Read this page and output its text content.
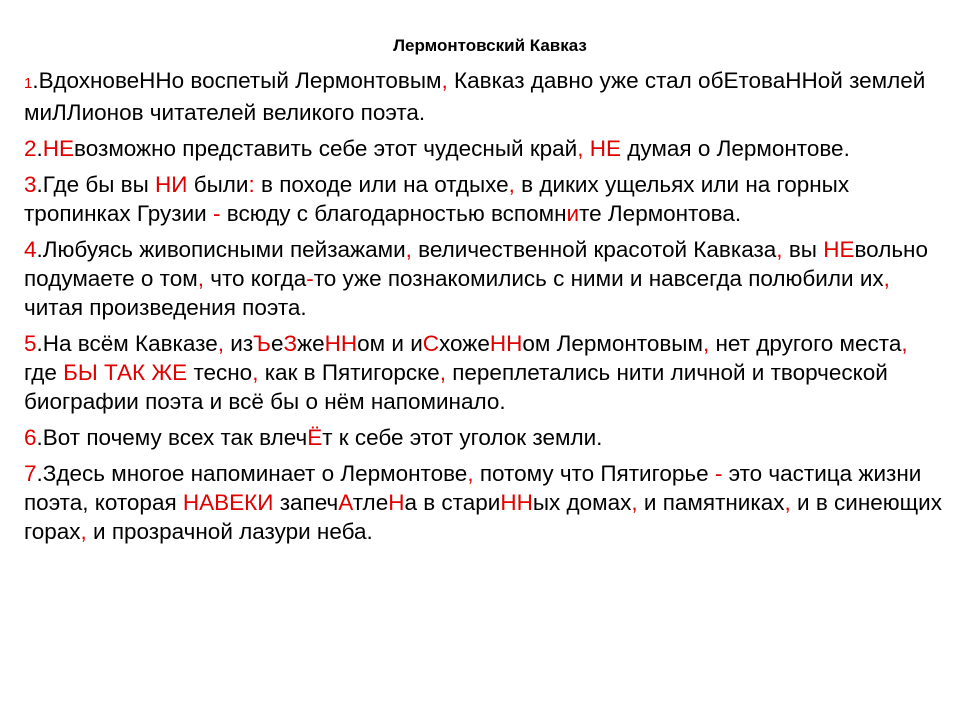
Лермонтовский Кавказ
1.ВдохновеННо воспетый Лермонтовым, Кавказ давно уже стал обЕтоваННой землей миЛЛионов читателей великого поэта.
2.НЕвозможно представить себе этот чудесный край, НЕ думая о Лермонтове.
3.Где бы вы НИ были: в походе или на отдыхе, в диких ущельях или на горных тропинках Грузии - всюду с благодарностью вспомните Лермонтова.
4.Любуясь живописными пейзажами, величественной красотой Кавказа, вы НЕвольно подумаете о том, что когда-то уже познакомились с ними и навсегда полюбили их, читая произведения поэта.
5.На всём Кавказе, изЪеЗжеННом и иСхожеННом Лермонтовым, нет другого места, где БЫ ТАК ЖЕ тесно, как в Пятигорске, переплетались нити личной и творческой биографии поэта и всё бы о нём напоминало.
6.Вот почему всех так влечЁт к себе этот уголок земли.
7.Здесь многое напоминает о Лермонтове, потому что Пятигорье - это частица жизни поэта, которая НАВЕКИ запечАтлеНа в стариННых домах, и памятниках, и в синеющих горах, и прозрачной лазури неба.
